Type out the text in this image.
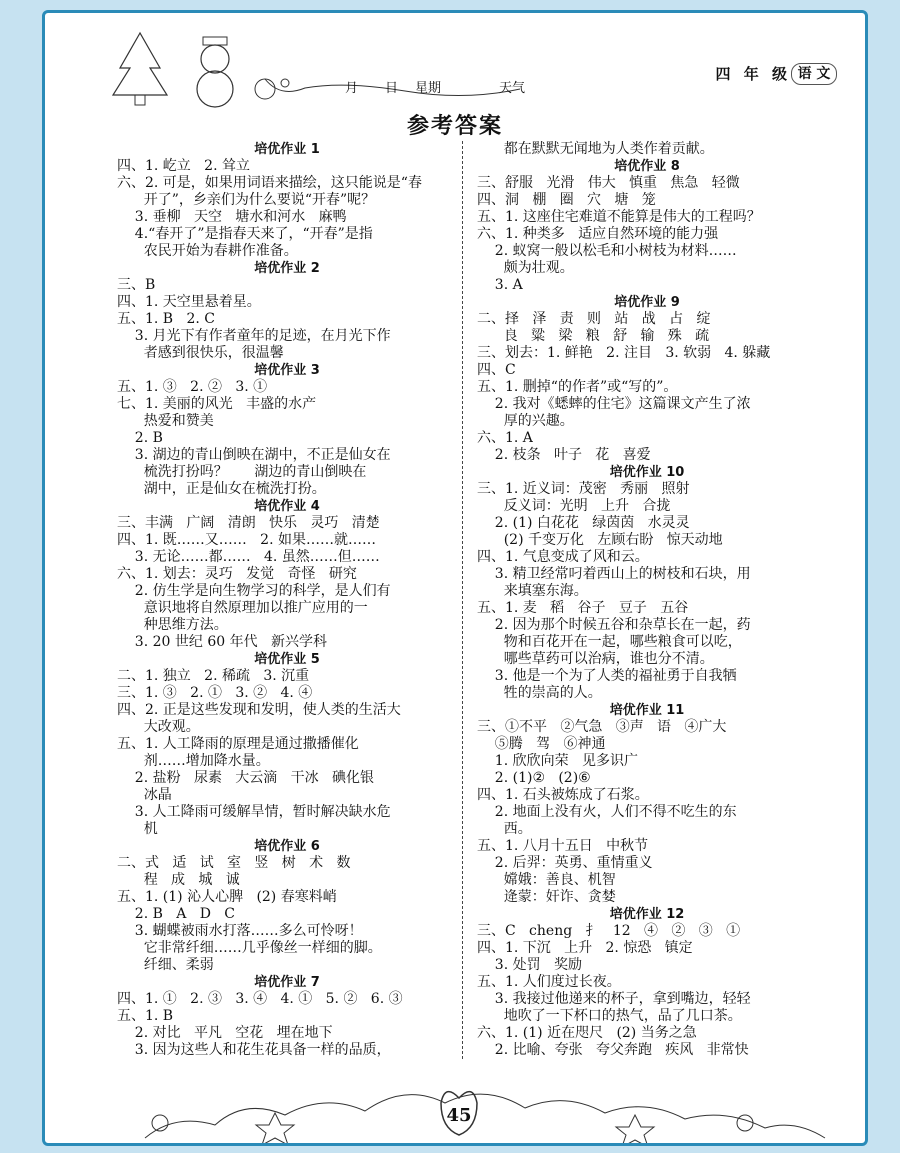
月 日 星期	天气
四 年 级 语 文
参考答案
培优作业 1
四、1. 屹立   2. 耸立
六、2. 可是，如果用词语来描绘，这只能说是“春
开了”，乡亲们为什么要说“开春”呢？
3. 垂柳   天空   塘水和河水   麻鸭
4.“春开了”是指春天来了，“开春”是指
农民开始为春耕作准备。
培优作业 2
三、B
四、1. 天空里悬着星。
五、1. B   2. C
3. 月光下有作者童年的足迹，在月光下作
者感到很快乐，很温馨
培优作业 3
五、1. ③   2. ②   3. ①
七、1. 美丽的风光   丰盛的水产
热爱和赞美
2. B
3. 湖边的青山倒映在湖中，不正是仙女在
梳洗打扮吗？      湖边的青山倒映在
湖中，正是仙女在梳洗打扮。
培优作业 4
三、丰满   广阔   清朗   快乐   灵巧   清楚
四、1. 既……又……   2. 如果……就……
3. 无论……都……   4. 虽然……但……
六、1. 划去：灵巧   发觉   奇怪   研究
2. 仿生学是向生物学习的科学，是人们有
意识地将自然原理加以推广应用的一
种思维方法。
3. 20 世纪 60 年代   新兴学科
培优作业 5
二、1. 独立   2. 稀疏   3. 沉重
三、1. ③   2. ①   3. ②   4. ④
四、2. 正是这些发现和发明，使人类的生活大
大改观。
五、1. 人工降雨的原理是通过撒播催化
剂……增加降水量。
2. 盐粉   尿素   大云滴   干冰   碘化银
冰晶
3. 人工降雨可缓解旱情，暂时解决缺水危
机
培优作业 6
二、式   适   试   室   竖   树   术   数
程   成   城   诚
五、1. (1) 沁人心脾   (2) 春寒料峭
2. B   A   D   C
3. 蝴蝶被雨水打落……多么可怜呀！
它非常纤细……几乎像丝一样细的脚。
纤细、柔弱
培优作业 7
四、1. ①   2. ③   3. ④   4. ①   5. ②   6. ③
五、1. B
2. 对比   平凡   空花   埋在地下
3. 因为这些人和花生花具备一样的品质，
都在默默无闻地为人类作着贡献。
培优作业 8
三、舒服   光滑   伟大   慎重   焦急   轻微
四、洞   棚   圈   穴   塘   笼
五、1. 这座住宅难道不能算是伟大的工程吗？
六、1. 种类多   适应自然环境的能力强
2. 蚁窝一般以松毛和小树枝为材料……
颇为壮观。
3. A
培优作业 9
二、择   泽   责   则   站   战   占   绽
良   粱   梁   粮   舒   输   殊   疏
三、划去：1. 鲜艳   2. 注目   3. 软弱   4. 躲藏
四、C
五、1. 删掉“的作者”或“写的”。
2. 我对《蟋蟀的住宅》这篇课文产生了浓
厚的兴趣。
六、1. A
2. 枝条   叶子   花   喜爱
培优作业 10
三、1. 近义词：茂密   秀丽   照射
反义词：光明   上升   合拢
2. (1) 白花花   绿茵茵   水灵灵
(2) 千变万化   左顾右盼   惊天动地
四、1. 气息变成了风和云。
3. 精卫经常叼着西山上的树枝和石块，用
来填塞东海。
五、1. 麦   稻   谷子   豆子   五谷
2. 因为那个时候五谷和杂草长在一起，药
物和百花开在一起，哪些粮食可以吃，
哪些草药可以治病，谁也分不清。
3. 他是一个为了人类的福祉勇于自我牺
牲的崇高的人。
培优作业 11
三、①不平   ②气急   ③声   语   ④广大
⑤腾   驾   ⑥神通
1. 欣欣向荣   见多识广
2. (1)②   (2)⑥
四、1. 石头被炼成了石浆。
2. 地面上没有火，人们不得不吃生的东
西。
五、1. 八月十五日   中秋节
2. 后羿：英勇、重情重义
嫦娥：善良、机智
逄蒙：奸诈、贪婪
培优作业 12
三、C   cheng   扌   12   ④   ②   ③   ①
四、1. 下沉   上升   2. 惊恐   镇定
3. 处罚   奖励
五、1. 人们度过长夜。
3. 我接过他递来的杯子，拿到嘴边，轻轻
地吹了一下杯口的热气，品了几口茶。
六、1. (1) 近在咫尺   (2) 当务之急
2. 比喻、夸张   夸父奔跑   疾风   非常快
45
